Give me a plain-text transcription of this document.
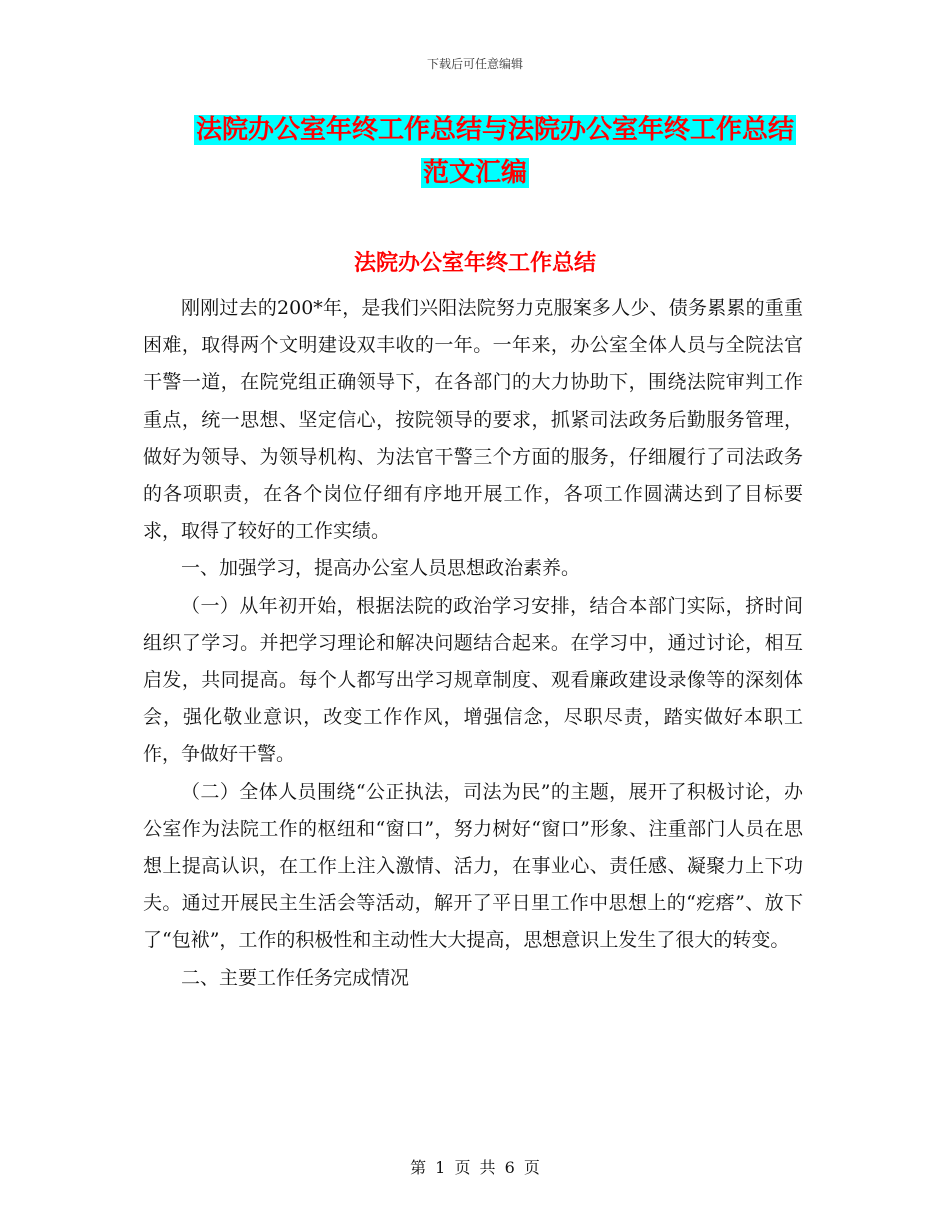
下载后可任意编辑
法院办公室年终工作总结与法院办公室年终工作总结
范文汇编
法院办公室年终工作总结

刚刚过去的200*年，是我们兴阳法院努力克服案多人少、债务累累的重重困难，取得两个文明建设双丰收的一年。一年来，办公室全体人员与全院法官干警一道，在院党组正确领导下，在各部门的大力协助下，围绕法院审判工作重点，统一思想、坚定信心，按院领导的要求，抓紧司法政务后勤服务管理，做好为领导、为领导机构、为法官干警三个方面的服务，仔细履行了司法政务的各项职责，在各个岗位仔细有序地开展工作，各项工作圆满达到了目标要求，取得了较好的工作实绩。

一、加强学习，提高办公室人员思想政治素养。

（一）从年初开始，根据法院的政治学习安排，结合本部门实际，挤时间组织了学习。并把学习理论和解决问题结合起来。在学习中，通过讨论，相互启发，共同提高。每个人都写出学习规章制度、观看廉政建设录像等的深刻体会，强化敬业意识，改变工作作风，增强信念，尽职尽责，踏实做好本职工作，争做好干警。

（二）全体人员围绕“公正执法，司法为民”的主题，展开了积极讨论，办公室作为法院工作的枢纽和“窗口”，努力树好“窗口”形象、注重部门人员在思想上提高认识，在工作上注入激情、活力，在事业心、责任感、凝聚力上下功夫。通过开展民主生活会等活动，解开了平日里工作中思想上的“疙瘩”、放下了“包袱”，工作的积极性和主动性大大提高，思想意识上发生了很大的转变。

二、主要工作任务完成情况

第 1 页 共 6 页
